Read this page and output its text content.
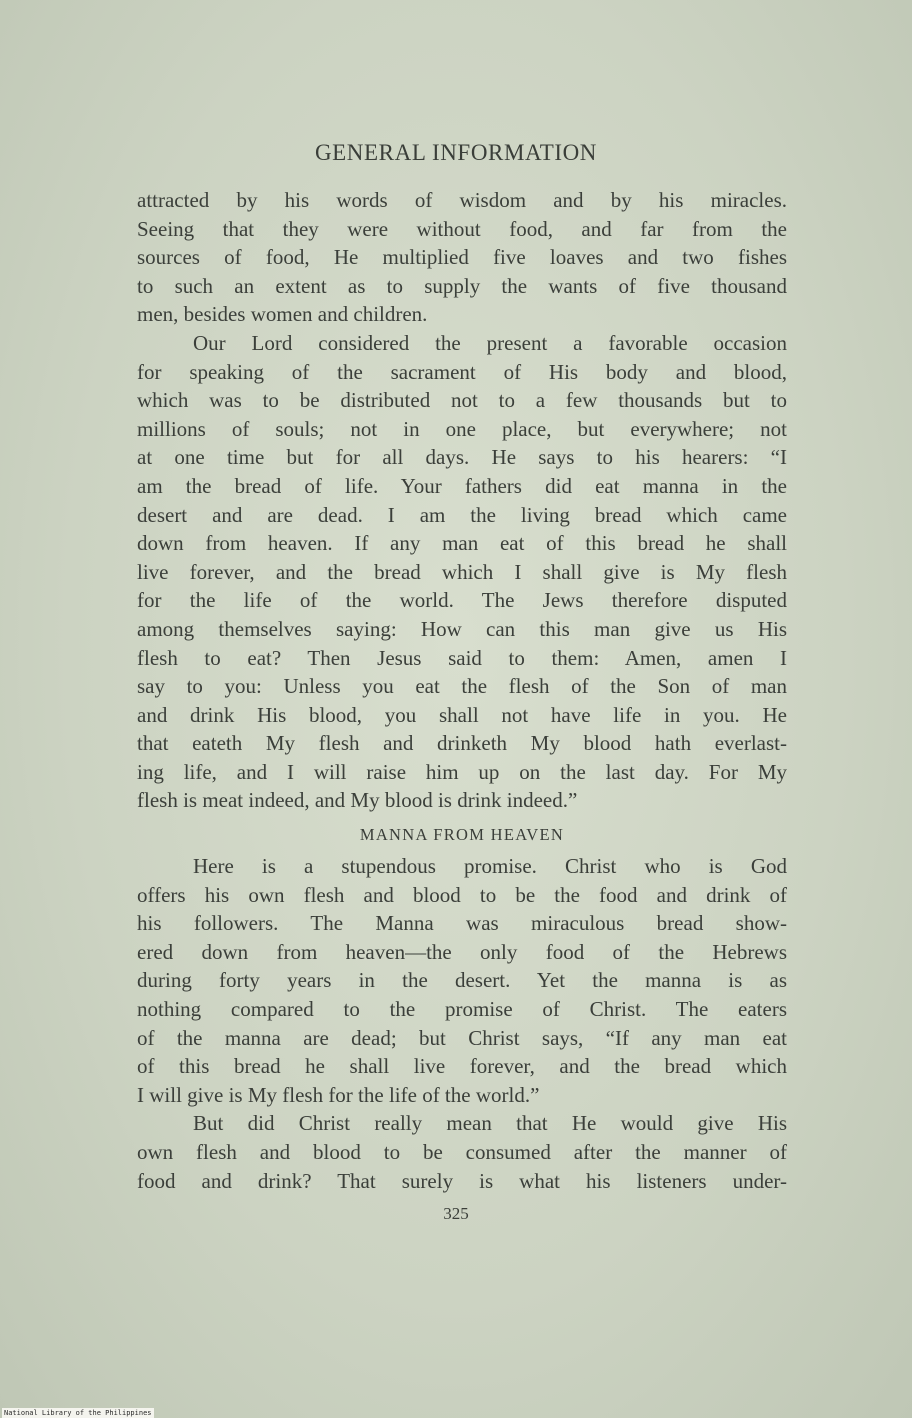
GENERAL INFORMATION
attracted by his words of wisdom and by his miracles.
Seeing that they were without food, and far from the
sources of food, He multiplied five loaves and two fishes
to such an extent as to supply the wants of five thousand
men, besides women and children.
Our Lord considered the present a favorable occasion
for speaking of the sacrament of His body and blood,
which was to be distributed not to a few thousands but to
millions of souls; not in one place, but everywhere; not
at one time but for all days. He says to his hearers: “I
am the bread of life. Your fathers did eat manna in the
desert and are dead. I am the living bread which came
down from heaven. If any man eat of this bread he shall
live forever, and the bread which I shall give is My flesh
for the life of the world. The Jews therefore disputed
among themselves saying: How can this man give us His
flesh to eat? Then Jesus said to them: Amen, amen I
say to you: Unless you eat the flesh of the Son of man
and drink His blood, you shall not have life in you. He
that eateth My flesh and drinketh My blood hath everlast-
ing life, and I will raise him up on the last day. For My
flesh is meat indeed, and My blood is drink indeed.”
MANNA FROM HEAVEN
Here is a stupendous promise. Christ who is God
offers his own flesh and blood to be the food and drink of
his followers. The Manna was miraculous bread show-
ered down from heaven—the only food of the Hebrews
during forty years in the desert. Yet the manna is as
nothing compared to the promise of Christ. The eaters
of the manna are dead; but Christ says, “If any man eat
of this bread he shall live forever, and the bread which
I will give is My flesh for the life of the world.”
But did Christ really mean that He would give His
own flesh and blood to be consumed after the manner of
food and drink? That surely is what his listeners under-
325
National Library of the Philippines
